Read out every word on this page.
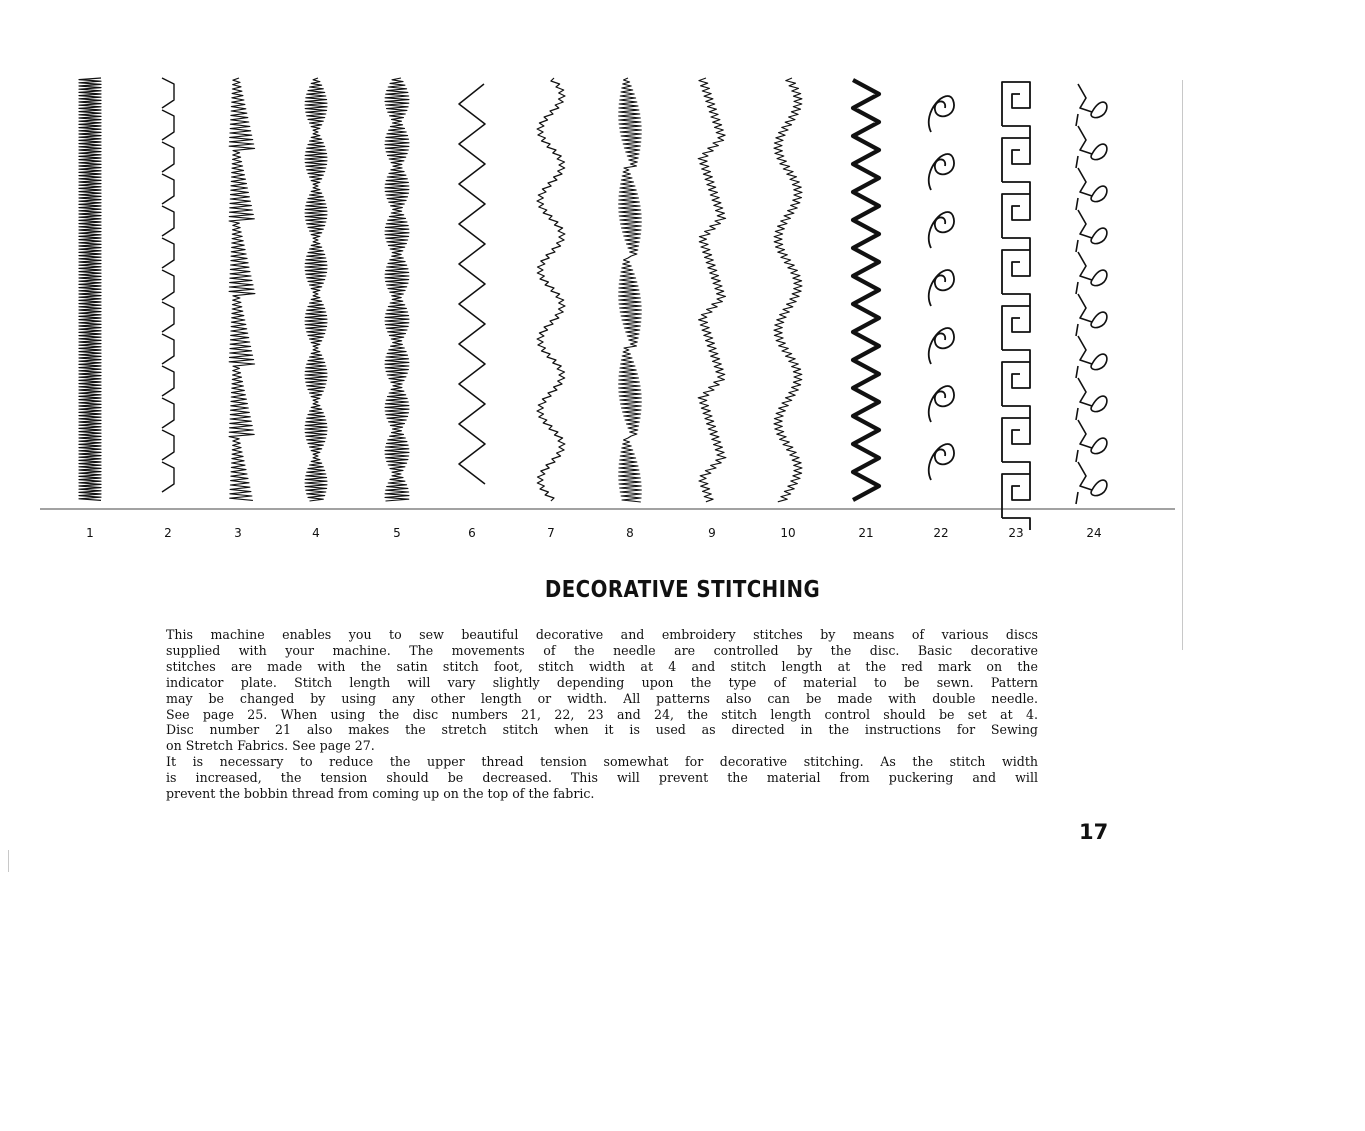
1	2	3	4	5	6	7	8	9	10	21	22	23	24
DECORATIVE STITCHING

This machine enables you to sew beautiful decorative and embroidery stitches by means of various discs
supplied with your machine. The movements of the needle are controlled by the disc. Basic decorative
stitches are made with the satin stitch foot, stitch width at 4 and stitch length at the red mark on the
indicator plate. Stitch length will vary slightly depending upon the type of material to be sewn. Pattern
may be changed by using any other length or width. All patterns also can be made with double needle.
See page 25. When using the disc numbers 21, 22, 23 and 24, the stitch length control should be set at 4.
Disc number 21 also makes the stretch stitch when it is used as directed in the instructions for Sewing
on Stretch Fabrics. See page 27.

It is necessary to reduce the upper thread tension somewhat for decorative stitching. As the stitch width
is increased, the tension should be decreased. This will prevent the material from puckering and will
prevent the bobbin thread from coming up on the top of the fabric.

17
